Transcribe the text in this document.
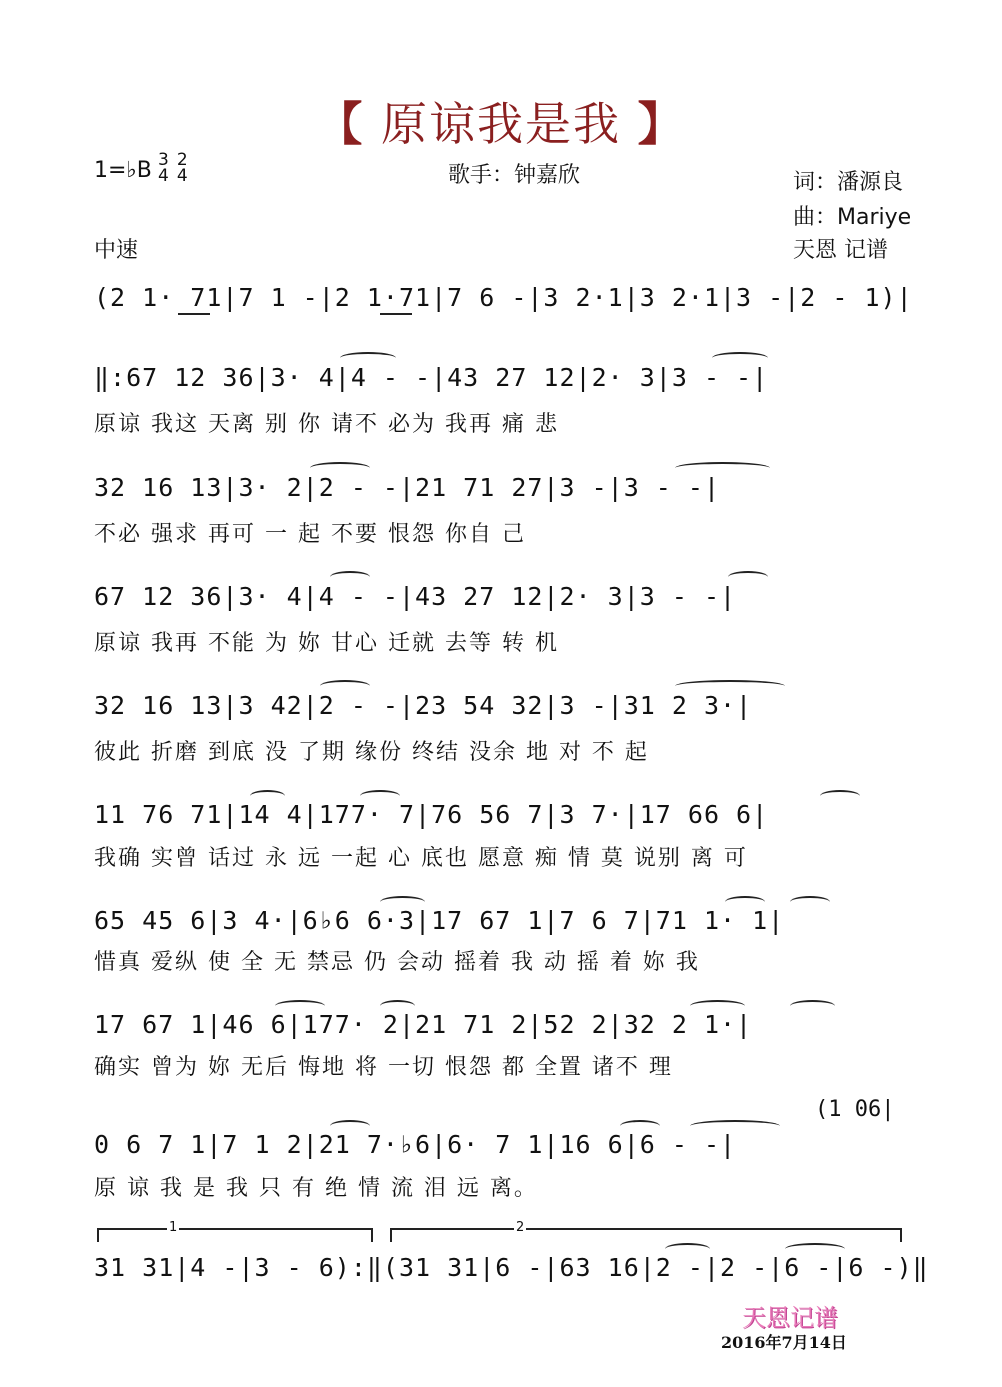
【 原谅我是我 】
1=♭B 3
4
2
4	歌手：钟嘉欣	词：潘源良
曲：Mariye
天恩 记谱
中速
(2 1· 71|7 1 -|2 1·71|7 6 -|3 2·1|3 2·1|3 -|2 - 1)|
‖:67 12 36|3· 4|4 - -|43 27 12|2· 3|3 - -|
原谅 我这 天离 别 你 请不 必为 我再 痛 悲
32 16 13|3· 2|2 - -|21 71 27|3 -|3 - -|
不必 强求 再可 一 起 不要 恨怨 你自 己
67 12 36|3· 4|4 - -|43 27 12|2· 3|3 - -|
原谅 我再 不能 为 妳 甘心 迁就 去等 转 机
32 16 13|3 42|2 - -|23 54 32|3 -|31 2 3·|
彼此 折磨 到底 没 了期 缘份 终结 没余 地 对 不 起
11 76 71|14 4|177· 7|76 56 7|3 7·|17 66 6|
我确 实曾 话过 永 远 一起 心 底也 愿意 痴 情 莫 说别 离 可
65 45 6|3 4·|6♭6 6·3|17 67 1|7 6 7|71 1· 1|
惜真 爱纵 使 全 无 禁忌 仍 会动 摇着 我 动 摇 着 妳 我
17 67 1|46 6|177· 2|21 71 2|52 2|32 2 1·|
确实 曾为 妳 无后 悔地 将 一切 恨怨 都 全置 诸不 理
(1 06|
0 6 7 1|7 1 2|21 7·♭6|6· 7 1|16 6|6 - -|
原 谅 我 是 我 只 有 绝 情 流 泪 远 离。
1	2
31 31|4 -|3 - 6):‖(31 31|6 -|63 16|2 -|2 -|6 -|6 -)‖
天恩记谱
2016年7月14日
